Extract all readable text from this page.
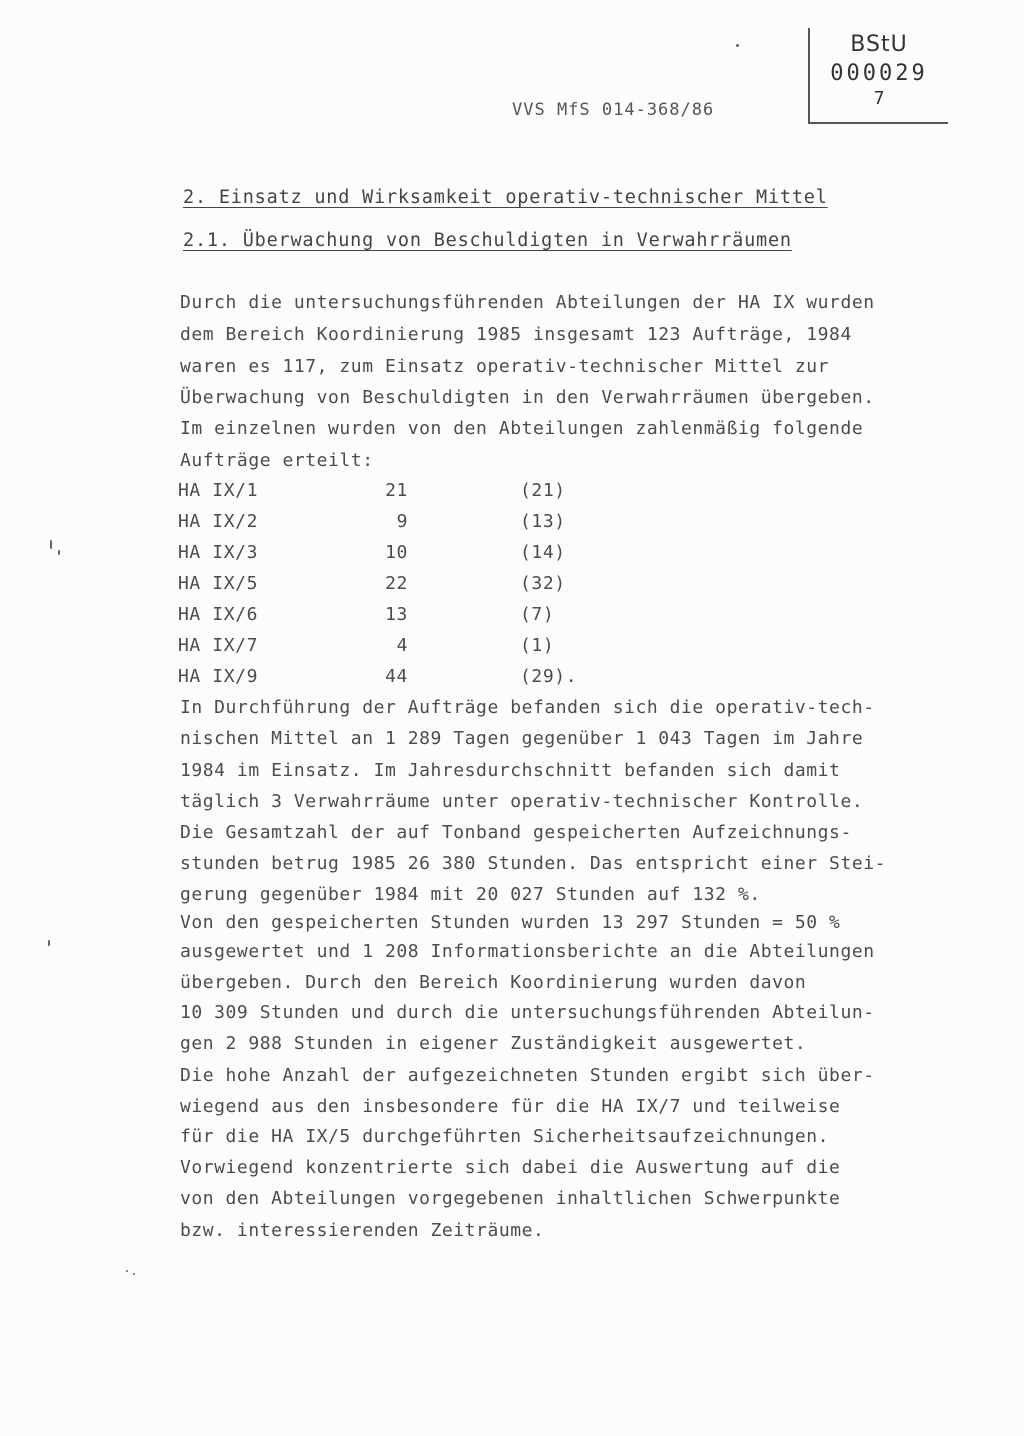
BStU
000029
7
VVS MfS 014-368/86
2. Einsatz und Wirksamkeit operativ-technischer Mittel
2.1. Überwachung von Beschuldigten in Verwahrräumen
Durch die untersuchungsführenden Abteilungen der HA IX wurden
dem Bereich Koordinierung 1985 insgesamt 123 Aufträge, 1984
waren es 117, zum Einsatz operativ-technischer Mittel zur
Überwachung von Beschuldigten in den Verwahrräumen übergeben.
Im einzelnen wurden von den Abteilungen zahlenmäßig folgende
Aufträge erteilt:
HA IX/1	21	(21)
HA IX/2	9	(13)
HA IX/3	10	(14)
HA IX/5	22	(32)
HA IX/6	13	(7)
HA IX/7	4	(1)
HA IX/9	44	(29).
In Durchführung der Aufträge befanden sich die operativ-tech-
nischen Mittel an 1 289 Tagen gegenüber 1 043 Tagen im Jahre
1984 im Einsatz. Im Jahresdurchschnitt befanden sich damit
täglich 3 Verwahrräume unter operativ-technischer Kontrolle.
Die Gesamtzahl der auf Tonband gespeicherten Aufzeichnungs-
stunden betrug 1985 26 380 Stunden. Das entspricht einer Stei-
gerung gegenüber 1984 mit 20 027 Stunden auf 132 %.
Von den gespeicherten Stunden wurden 13 297 Stunden = 50 %
ausgewertet und 1 208 Informationsberichte an die Abteilungen
übergeben. Durch den Bereich Koordinierung wurden davon
10 309 Stunden und durch die untersuchungsführenden Abteilun-
gen 2 988 Stunden in eigener Zuständigkeit ausgewertet.
Die hohe Anzahl der aufgezeichneten Stunden ergibt sich über-
wiegend aus den insbesondere für die HA IX/7 und teilweise
für die HA IX/5 durchgeführten Sicherheitsaufzeichnungen.
Vorwiegend konzentrierte sich dabei die Auswertung auf die
von den Abteilungen vorgegebenen inhaltlichen Schwerpunkte
bzw. interessierenden Zeiträume.
